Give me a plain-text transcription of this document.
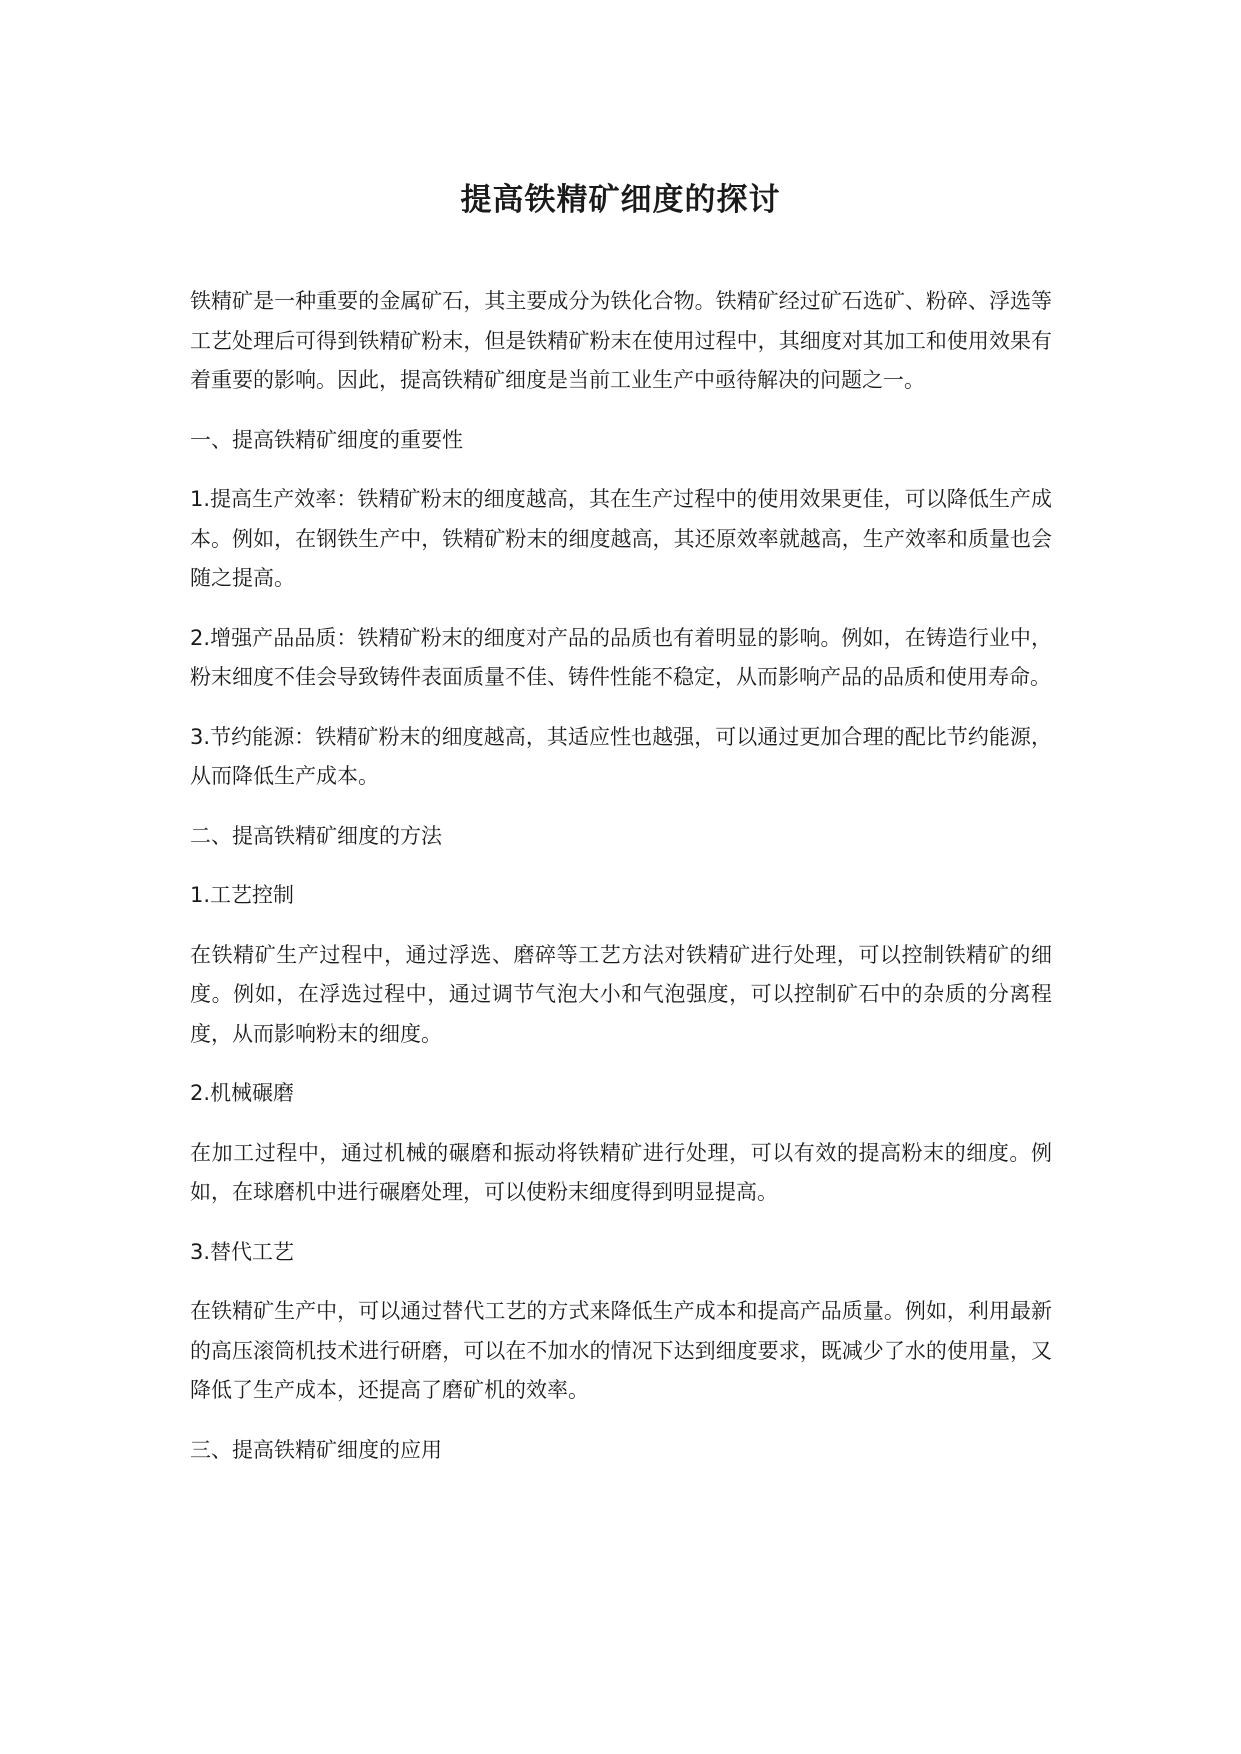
提高铁精矿细度的探讨

铁精矿是一种重要的金属矿石，其主要成分为铁化合物。铁精矿经过矿石选矿、粉碎、浮选等工艺处理后可得到铁精矿粉末，但是铁精矿粉末在使用过程中，其细度对其加工和使用效果有着重要的影响。因此，提高铁精矿细度是当前工业生产中亟待解决的问题之一。

一、提高铁精矿细度的重要性

1.提高生产效率：铁精矿粉末的细度越高，其在生产过程中的使用效果更佳，可以降低生产成本。例如，在钢铁生产中，铁精矿粉末的细度越高，其还原效率就越高，生产效率和质量也会随之提高。

2.增强产品品质：铁精矿粉末的细度对产品的品质也有着明显的影响。例如，在铸造行业中，粉末细度不佳会导致铸件表面质量不佳、铸件性能不稳定，从而影响产品的品质和使用寿命。

3.节约能源：铁精矿粉末的细度越高，其适应性也越强，可以通过更加合理的配比节约能源，从而降低生产成本。

二、提高铁精矿细度的方法

1.工艺控制

在铁精矿生产过程中，通过浮选、磨碎等工艺方法对铁精矿进行处理，可以控制铁精矿的细度。例如，在浮选过程中，通过调节气泡大小和气泡强度，可以控制矿石中的杂质的分离程度，从而影响粉末的细度。

2.机械碾磨

在加工过程中，通过机械的碾磨和振动将铁精矿进行处理，可以有效的提高粉末的细度。例如，在球磨机中进行碾磨处理，可以使粉末细度得到明显提高。

3.替代工艺

在铁精矿生产中，可以通过替代工艺的方式来降低生产成本和提高产品质量。例如，利用最新的高压滚筒机技术进行研磨，可以在不加水的情况下达到细度要求，既减少了水的使用量，又降低了生产成本，还提高了磨矿机的效率。

三、提高铁精矿细度的应用
